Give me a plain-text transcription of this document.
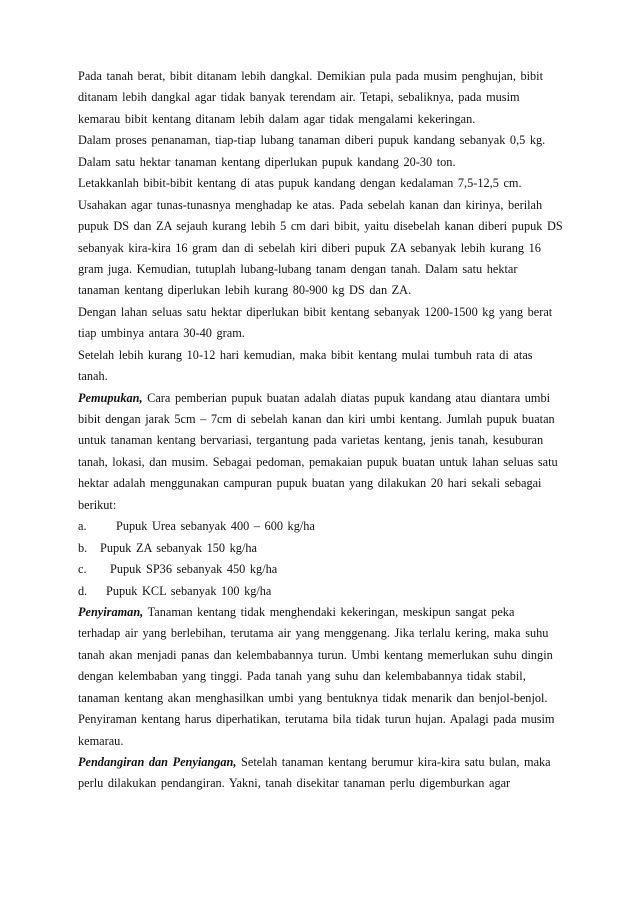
Pada tanah berat, bibit ditanam lebih dangkal. Demikian pula pada musim penghujan, bibit
ditanam lebih dangkal agar tidak banyak terendam air. Tetapi, sebaliknya, pada musim
kemarau bibit kentang ditanam lebih dalam agar tidak mengalami kekeringan.
Dalam proses penanaman, tiap-tiap lubang tanaman diberi pupuk kandang sebanyak 0,5 kg.
Dalam satu hektar tanaman kentang diperlukan pupuk kandang 20-30 ton.
Letakkanlah bibit-bibit kentang di atas pupuk kandang dengan kedalaman 7,5-12,5 cm.
Usahakan agar tunas-tunasnya menghadap ke atas. Pada sebelah kanan dan kirinya, berilah
pupuk DS dan ZA sejauh kurang lebih 5 cm dari bibit, yaitu disebelah kanan diberi pupuk DS
sebanyak kira-kira 16 gram dan di sebelah kiri diberi pupuk ZA sebanyak lebih kurang 16
gram juga. Kemudian, tutuplah lubang-lubang tanam dengan tanah. Dalam satu hektar
tanaman kentang diperlukan lebih kurang 80-900 kg DS dan ZA.
Dengan lahan seluas satu hektar diperlukan bibit kentang sebanyak 1200-1500 kg yang berat
tiap umbinya antara 30-40 gram.
Setelah lebih kurang 10-12 hari kemudian, maka bibit kentang mulai tumbuh rata di atas
tanah.
Pemupukan, Cara pemberian pupuk buatan adalah diatas pupuk kandang atau diantara umbi
bibit dengan jarak 5cm – 7cm di sebelah kanan dan kiri umbi kentang. Jumlah pupuk buatan
untuk tanaman kentang bervariasi, tergantung pada varietas kentang, jenis tanah, kesuburan
tanah, lokasi, dan musim. Sebagai pedoman, pemakaian pupuk buatan untuk lahan seluas satu
hektar adalah menggunakan campuran pupuk buatan yang dilakukan 20 hari sekali sebagai
berikut:
a. Pupuk Urea sebanyak 400 – 600 kg/ha
b. Pupuk ZA sebanyak 150 kg/ha
c. Pupuk SP36 sebanyak 450 kg/ha
d. Pupuk KCL sebanyak 100 kg/ha
Penyiraman, Tanaman kentang tidak menghendaki kekeringan, meskipun sangat peka
terhadap air yang berlebihan, terutama air yang menggenang. Jika terlalu kering, maka suhu
tanah akan menjadi panas dan kelembabannya turun. Umbi kentang memerlukan suhu dingin
dengan kelembaban yang tinggi. Pada tanah yang suhu dan kelembabannya tidak stabil,
tanaman kentang akan menghasilkan umbi yang bentuknya tidak menarik dan benjol-benjol.
Penyiraman kentang harus diperhatikan, terutama bila tidak turun hujan. Apalagi pada musim
kemarau.
Pendangiran dan Penyiangan, Setelah tanaman kentang berumur kira-kira satu bulan, maka
perlu dilakukan pendangiran. Yakni, tanah disekitar tanaman perlu digemburkan agar
